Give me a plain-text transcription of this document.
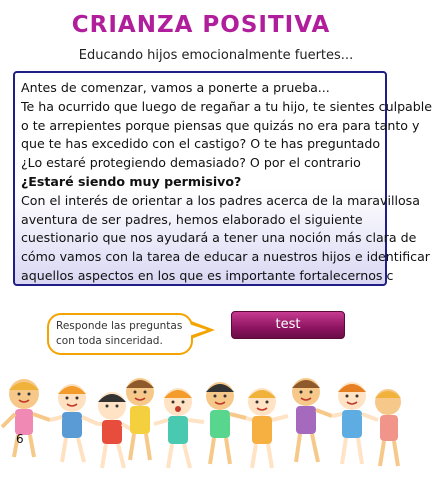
CRIANZA POSITIVA
Educando hijos emocionalmente fuertes...

Antes de comenzar, vamos a ponerte a prueba...

Te ha ocurrido que luego de regañar a tu hijo, te sientes culpable

o te arrepientes porque piensas que quizás no era para tanto y

que te has excedido con el castigo? O te has preguntado

¿Lo estaré protegiendo demasiado? O por el contrario

¿Estaré siendo muy permisivo?

Con el interés de orientar a los padres acerca de la maravillosa

aventura de ser padres, hemos elaborado el siguiente

cuestionario que nos ayudará a tener una noción más clara de

cómo vamos con la tarea de educar a nuestros hijos e identificar

aquellos aspectos en los que es importante fortalecernos c

Responde las preguntas
con toda sinceridad.
test
6
